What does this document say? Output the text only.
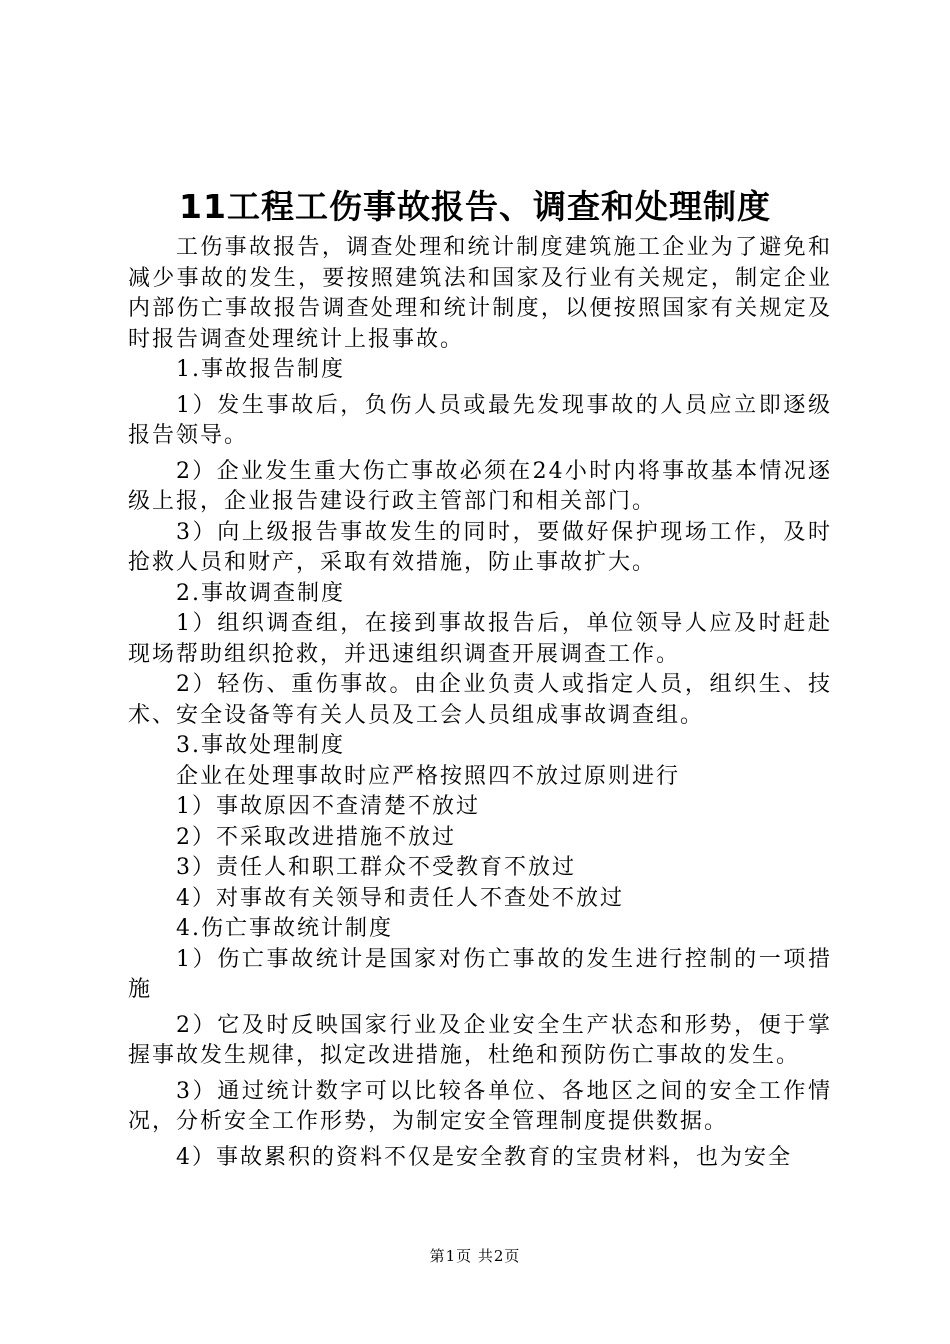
11工程工伤事故报告、调查和处理制度

工伤事故报告，调查处理和统计制度建筑施工企业为了避免和减少事故的发生，要按照建筑法和国家及行业有关规定，制定企业内部伤亡事故报告调查处理和统计制度，以便按照国家有关规定及时报告调查处理统计上报事故。

1.事故报告制度

1）发生事故后，负伤人员或最先发现事故的人员应立即逐级报告领导。

2）企业发生重大伤亡事故必须在24小时内将事故基本情况逐级上报，企业报告建设行政主管部门和相关部门。

3）向上级报告事故发生的同时，要做好保护现场工作，及时抢救人员和财产，采取有效措施，防止事故扩大。

2.事故调查制度

1）组织调查组，在接到事故报告后，单位领导人应及时赶赴现场帮助组织抢救，并迅速组织调查开展调查工作。

2）轻伤、重伤事故。由企业负责人或指定人员，组织生、技术、安全设备等有关人员及工会人员组成事故调查组。

3.事故处理制度

企业在处理事故时应严格按照四不放过原则进行

1）事故原因不查清楚不放过

2）不采取改进措施不放过

3）责任人和职工群众不受教育不放过

4）对事故有关领导和责任人不查处不放过

4.伤亡事故统计制度

1）伤亡事故统计是国家对伤亡事故的发生进行控制的一项措施

2）它及时反映国家行业及企业安全生产状态和形势，便于掌握事故发生规律，拟定改进措施，杜绝和预防伤亡事故的发生。

3）通过统计数字可以比较各单位、各地区之间的安全工作情况，分析安全工作形势，为制定安全管理制度提供数据。

4）事故累积的资料不仅是安全教育的宝贵材料，也为安全

第1页 共2页
